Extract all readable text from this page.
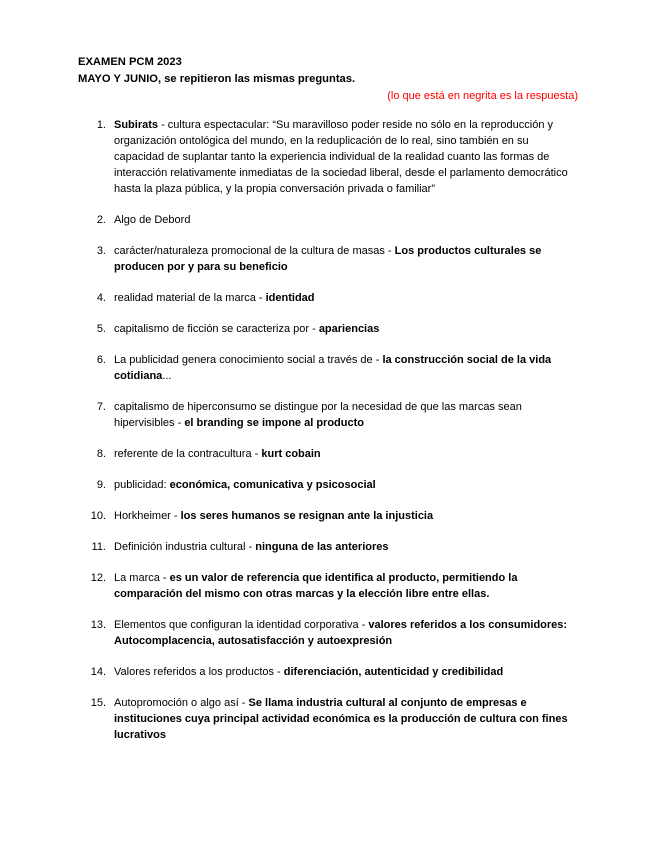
EXAMEN PCM 2023
MAYO Y JUNIO, se repitieron las mismas preguntas.
(lo que está en negrita es la respuesta)
1. Subirats - cultura espectacular: “Su maravilloso poder reside no sólo en la reproducción y organización ontológica del mundo, en la reduplicación de lo real, sino también en su capacidad de suplantar tanto la experiencia individual de la realidad cuanto las formas de interacción relativamente inmediatas de la sociedad liberal, desde el parlamento democrático hasta la plaza pública, y la propia conversación privada o familiar”
2. Algo de Debord
3. carácter/naturaleza promocional de la cultura de masas - Los productos culturales se producen por y para su beneficio
4. realidad material de la marca - identidad
5. capitalismo de ficción se caracteriza por - apariencias
6. La publicidad genera conocimiento social a través de - la construcción social de la vida cotidiana...
7. capitalismo de hiperconsumo se distingue por la necesidad de que las marcas sean hipervisibles - el branding se impone al producto
8. referente de la contracultura - kurt cobain
9. publicidad: económica, comunicativa y psicosocial
10. Horkheimer - los seres humanos se resignan ante la injusticia
11. Definición industria cultural - ninguna de las anteriores
12. La marca - es un valor de referencia que identifica al producto, permitiendo la comparación del mismo con otras marcas y la elección libre entre ellas.
13. Elementos que configuran la identidad corporativa - valores referidos a los consumidores: Autocomplacencia, autosatisfacción y autoexpresión
14. Valores referidos a los productos - diferenciación, autenticidad y credibilidad
15. Autopromoción o algo así - Se llama industria cultural al conjunto de empresas e instituciones cuya principal actividad económica es la producción de cultura con fines lucrativos
